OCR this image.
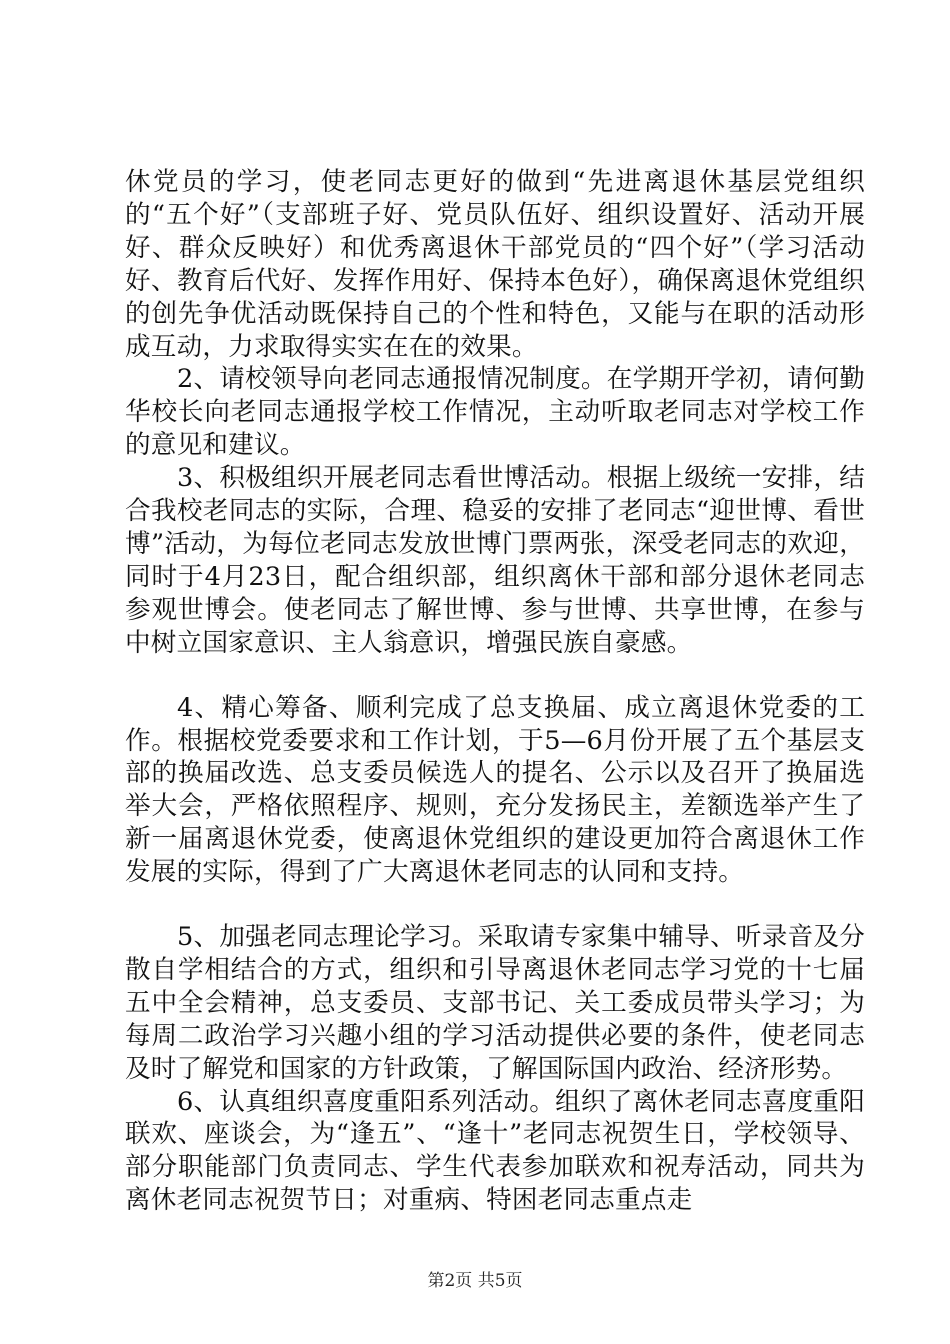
休党员的学习，使老同志更好的做到“先进离退休基层党组织的“五个好”（支部班子好、党员队伍好、组织设置好、活动开展好、群众反映好）和优秀离退休干部党员的“四个好”（学习活动好、教育后代好、发挥作用好、保持本色好），确保离退休党组织的创先争优活动既保持自己的个性和特色，又能与在职的活动形成互动，力求取得实实在在的效果。

2、请校领导向老同志通报情况制度。在学期开学初，请何勤华校长向老同志通报学校工作情况，主动听取老同志对学校工作的意见和建议。

3、积极组织开展老同志看世博活动。根据上级统一安排，结合我校老同志的实际，合理、稳妥的安排了老同志“迎世博、看世博”活动，为每位老同志发放世博门票两张，深受老同志的欢迎，同时于4月23日，配合组织部，组织离休干部和部分退休老同志参观世博会。使老同志了解世博、参与世博、共享世博，在参与中树立国家意识、主人翁意识，增强民族自豪感。

4、精心筹备、顺利完成了总支换届、成立离退休党委的工作。根据校党委要求和工作计划，于5—6月份开展了五个基层支部的换届改选、总支委员候选人的提名、公示以及召开了换届选举大会，严格依照程序、规则，充分发扬民主，差额选举产生了新一届离退休党委，使离退休党组织的建设更加符合离退休工作发展的实际，得到了广大离退休老同志的认同和支持。

5、加强老同志理论学习。采取请专家集中辅导、听录音及分散自学相结合的方式，组织和引导离退休老同志学习党的十七届五中全会精神，总支委员、支部书记、关工委成员带头学习；为每周二政治学习兴趣小组的学习活动提供必要的条件，使老同志及时了解党和国家的方针政策，了解国际国内政治、经济形势。

6、认真组织喜度重阳系列活动。组织了离休老同志喜度重阳联欢、座谈会，为“逢五”、“逢十”老同志祝贺生日，学校领导、部分职能部门负责同志、学生代表参加联欢和祝寿活动，同共为离休老同志祝贺节日；对重病、特困老同志重点走

第2页 共5页
